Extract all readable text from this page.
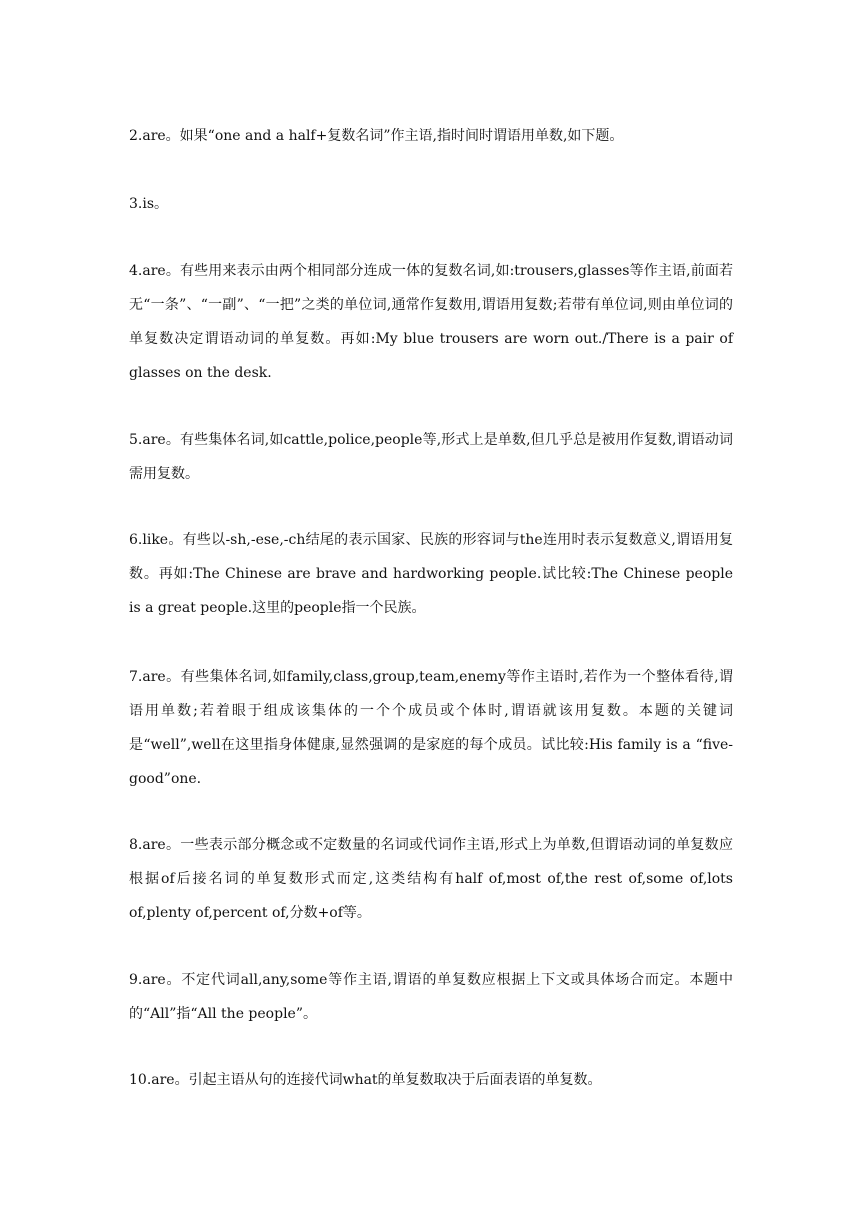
2.are。如果“one and a half+复数名词”作主语,指时间时谓语用单数,如下题。

3.is。

4.are。有些用来表示由两个相同部分连成一体的复数名词,如:trousers,glasses等作主语,前面若无“一条”、“一副”、“一把”之类的单位词,通常作复数用,谓语用复数;若带有单位词,则由单位词的单复数决定谓语动词的单复数。再如:My blue trousers are worn out./There is a pair of glasses on the desk.

5.are。有些集体名词,如cattle,police,people等,形式上是单数,但几乎总是被用作复数,谓语动词需用复数。

6.like。有些以-sh,-ese,-ch结尾的表示国家、民族的形容词与the连用时表示复数意义,谓语用复数。再如:The Chinese are brave and hardworking people.试比较:The Chinese people is a great people.这里的people指一个民族。

7.are。有些集体名词,如family,class,group,team,enemy等作主语时,若作为一个整体看待,谓语用单数;若着眼于组成该集体的一个个成员或个体时,谓语就该用复数。本题的关键词是“well”,well在这里指身体健康,显然强调的是家庭的每个成员。试比较:His family is a “five-good”one.

8.are。一些表示部分概念或不定数量的名词或代词作主语,形式上为单数,但谓语动词的单复数应根据of后接名词的单复数形式而定,这类结构有half of,most of,the rest of,some of,lots of,plenty of,percent of,分数+of等。

9.are。不定代词all,any,some等作主语,谓语的单复数应根据上下文或具体场合而定。本题中的“All”指“All the people”。

10.are。引起主语从句的连接代词what的单复数取决于后面表语的单复数。
